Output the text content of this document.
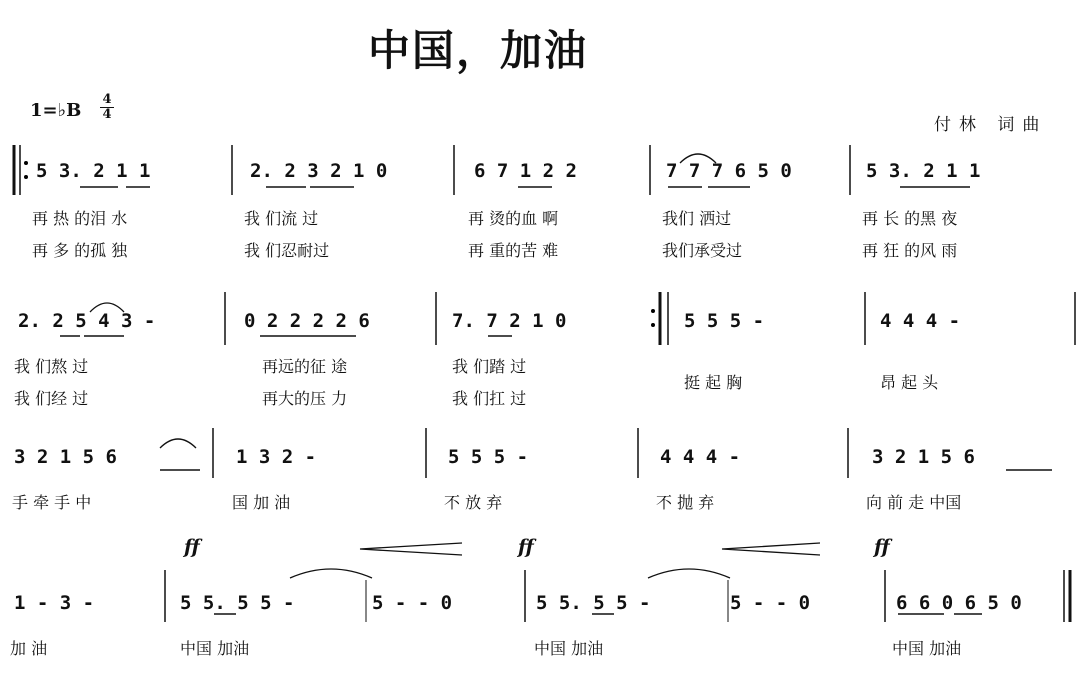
中国，加油
1=♭B
4
4
付林 词曲
5 3. 2 1 1	2. 2 3 2 1 0	6 7 1 2 2	7 7 7 6 5 0	5 3. 2 1 1
再 热 的泪 水	我 们流 过	再 烫的血 啊	我们 洒过	再 长 的黑 夜
再 多 的孤 独	我 们忍耐过	再 重的苦 难	我们承受过	再 狂 的风 雨
2. 2 5 4 3 -	0 2 2 2 2 6	7. 7 2 1 0	5 5 5 -	4 4 4 -
我 们熬 过	再远的征 途	我 们踏 过
挺 起 胸	昂 起 头
我 们经 过	再大的压 力	我 们扛 过
3 2 1 5 6	1 3 2 -	5 5 5 -	4 4 4 -	3 2 1 5 6
手 牵 手 中	国 加 油	不 放 弃	不 抛 弃	向 前 走 中国
ff	ff	ff
1 - 3 -	5 5. 5 5 -	5 - - 0	5 5. 5 5 -	5 - - 0	6 6 0 6 5 0
加 油	中国 加油	中国 加油	中国 加油
